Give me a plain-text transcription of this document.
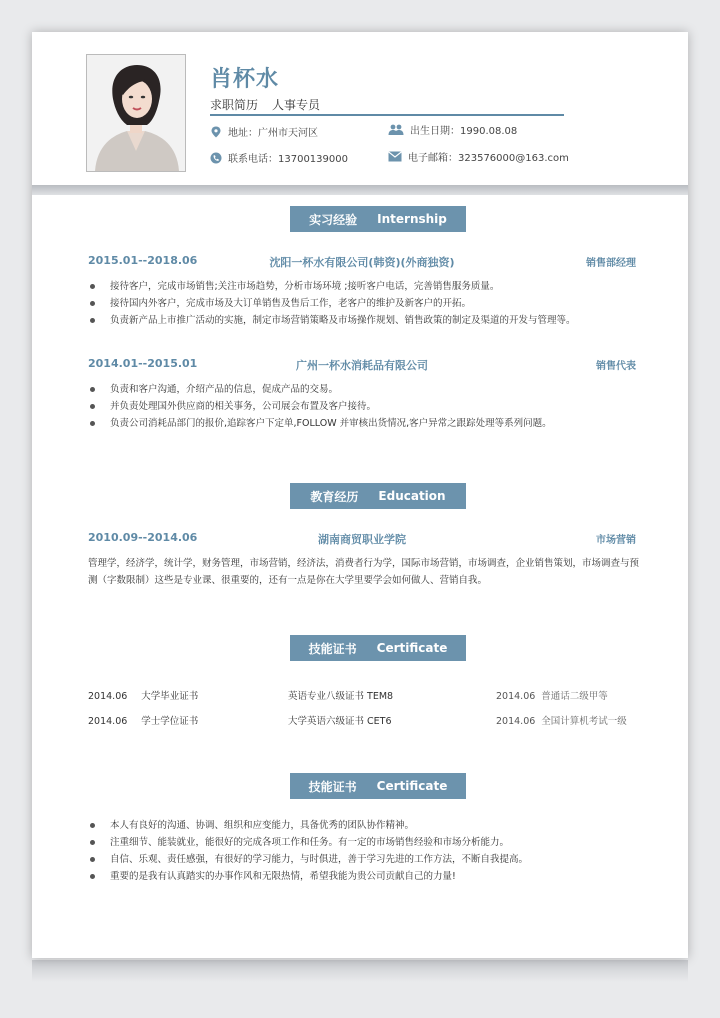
肖杯水
求职简历 人事专员
地址：广州市天河区	出生日期：1990.08.08
联系电话：13700139000	电子邮箱：323576000@163.com
实习经验 Internship
2015.01--2018.06	沈阳一杯水有限公司(韩资)(外商独资)	销售部经理
接待客户，完成市场销售;关注市场趋势，分析市场环境 ;接听客户电话，完善销售服务质量。
接待国内外客户，完成市场及大订单销售及售后工作，老客户的维护及新客户的开拓。
负责新产品上市推广活动的实施，制定市场营销策略及市场操作规划、销售政策的制定及渠道的开发与管理等。
2014.01--2015.01	广州一杯水消耗品有限公司	销售代表
负责和客户沟通，介绍产品的信息，促成产品的交易。
并负责处理国外供应商的相关事务，公司展会布置及客户接待。
负责公司消耗品部门的报价,追踪客户下定单,FOLLOW 并审核出货情况,客户异常之跟踪处理等系列问题。
教育经历 Education
2010.09--2014.06	湖南商贸职业学院	市场营销
管理学，经济学，统计学，财务管理，市场营销，经济法，消费者行为学，国际市场营销，市场调查，企业销售策划，市场调查与预测（字数限制）这些是专业课、很重要的，还有一点是你在大学里要学会如何做人、营销自我。
技能证书 Certificate
2014.06 大学毕业证书	英语专业八级证书 TEM8	2014.06 普通话二级甲等
2014.06 学士学位证书	大学英语六级证书 CET6	2014.06 全国计算机考试一级
技能证书 Certificate
本人有良好的沟通、协调、组织和应变能力，具备优秀的团队协作精神。
注重细节、能装就业，能很好的完成各项工作和任务。有一定的市场销售经验和市场分析能力。
自信、乐观、责任感强，有很好的学习能力，与时俱进，善于学习先进的工作方法，不断自我提高。
重要的是我有认真踏实的办事作风和无限热情，希望我能为贵公司贡献自己的力量!
